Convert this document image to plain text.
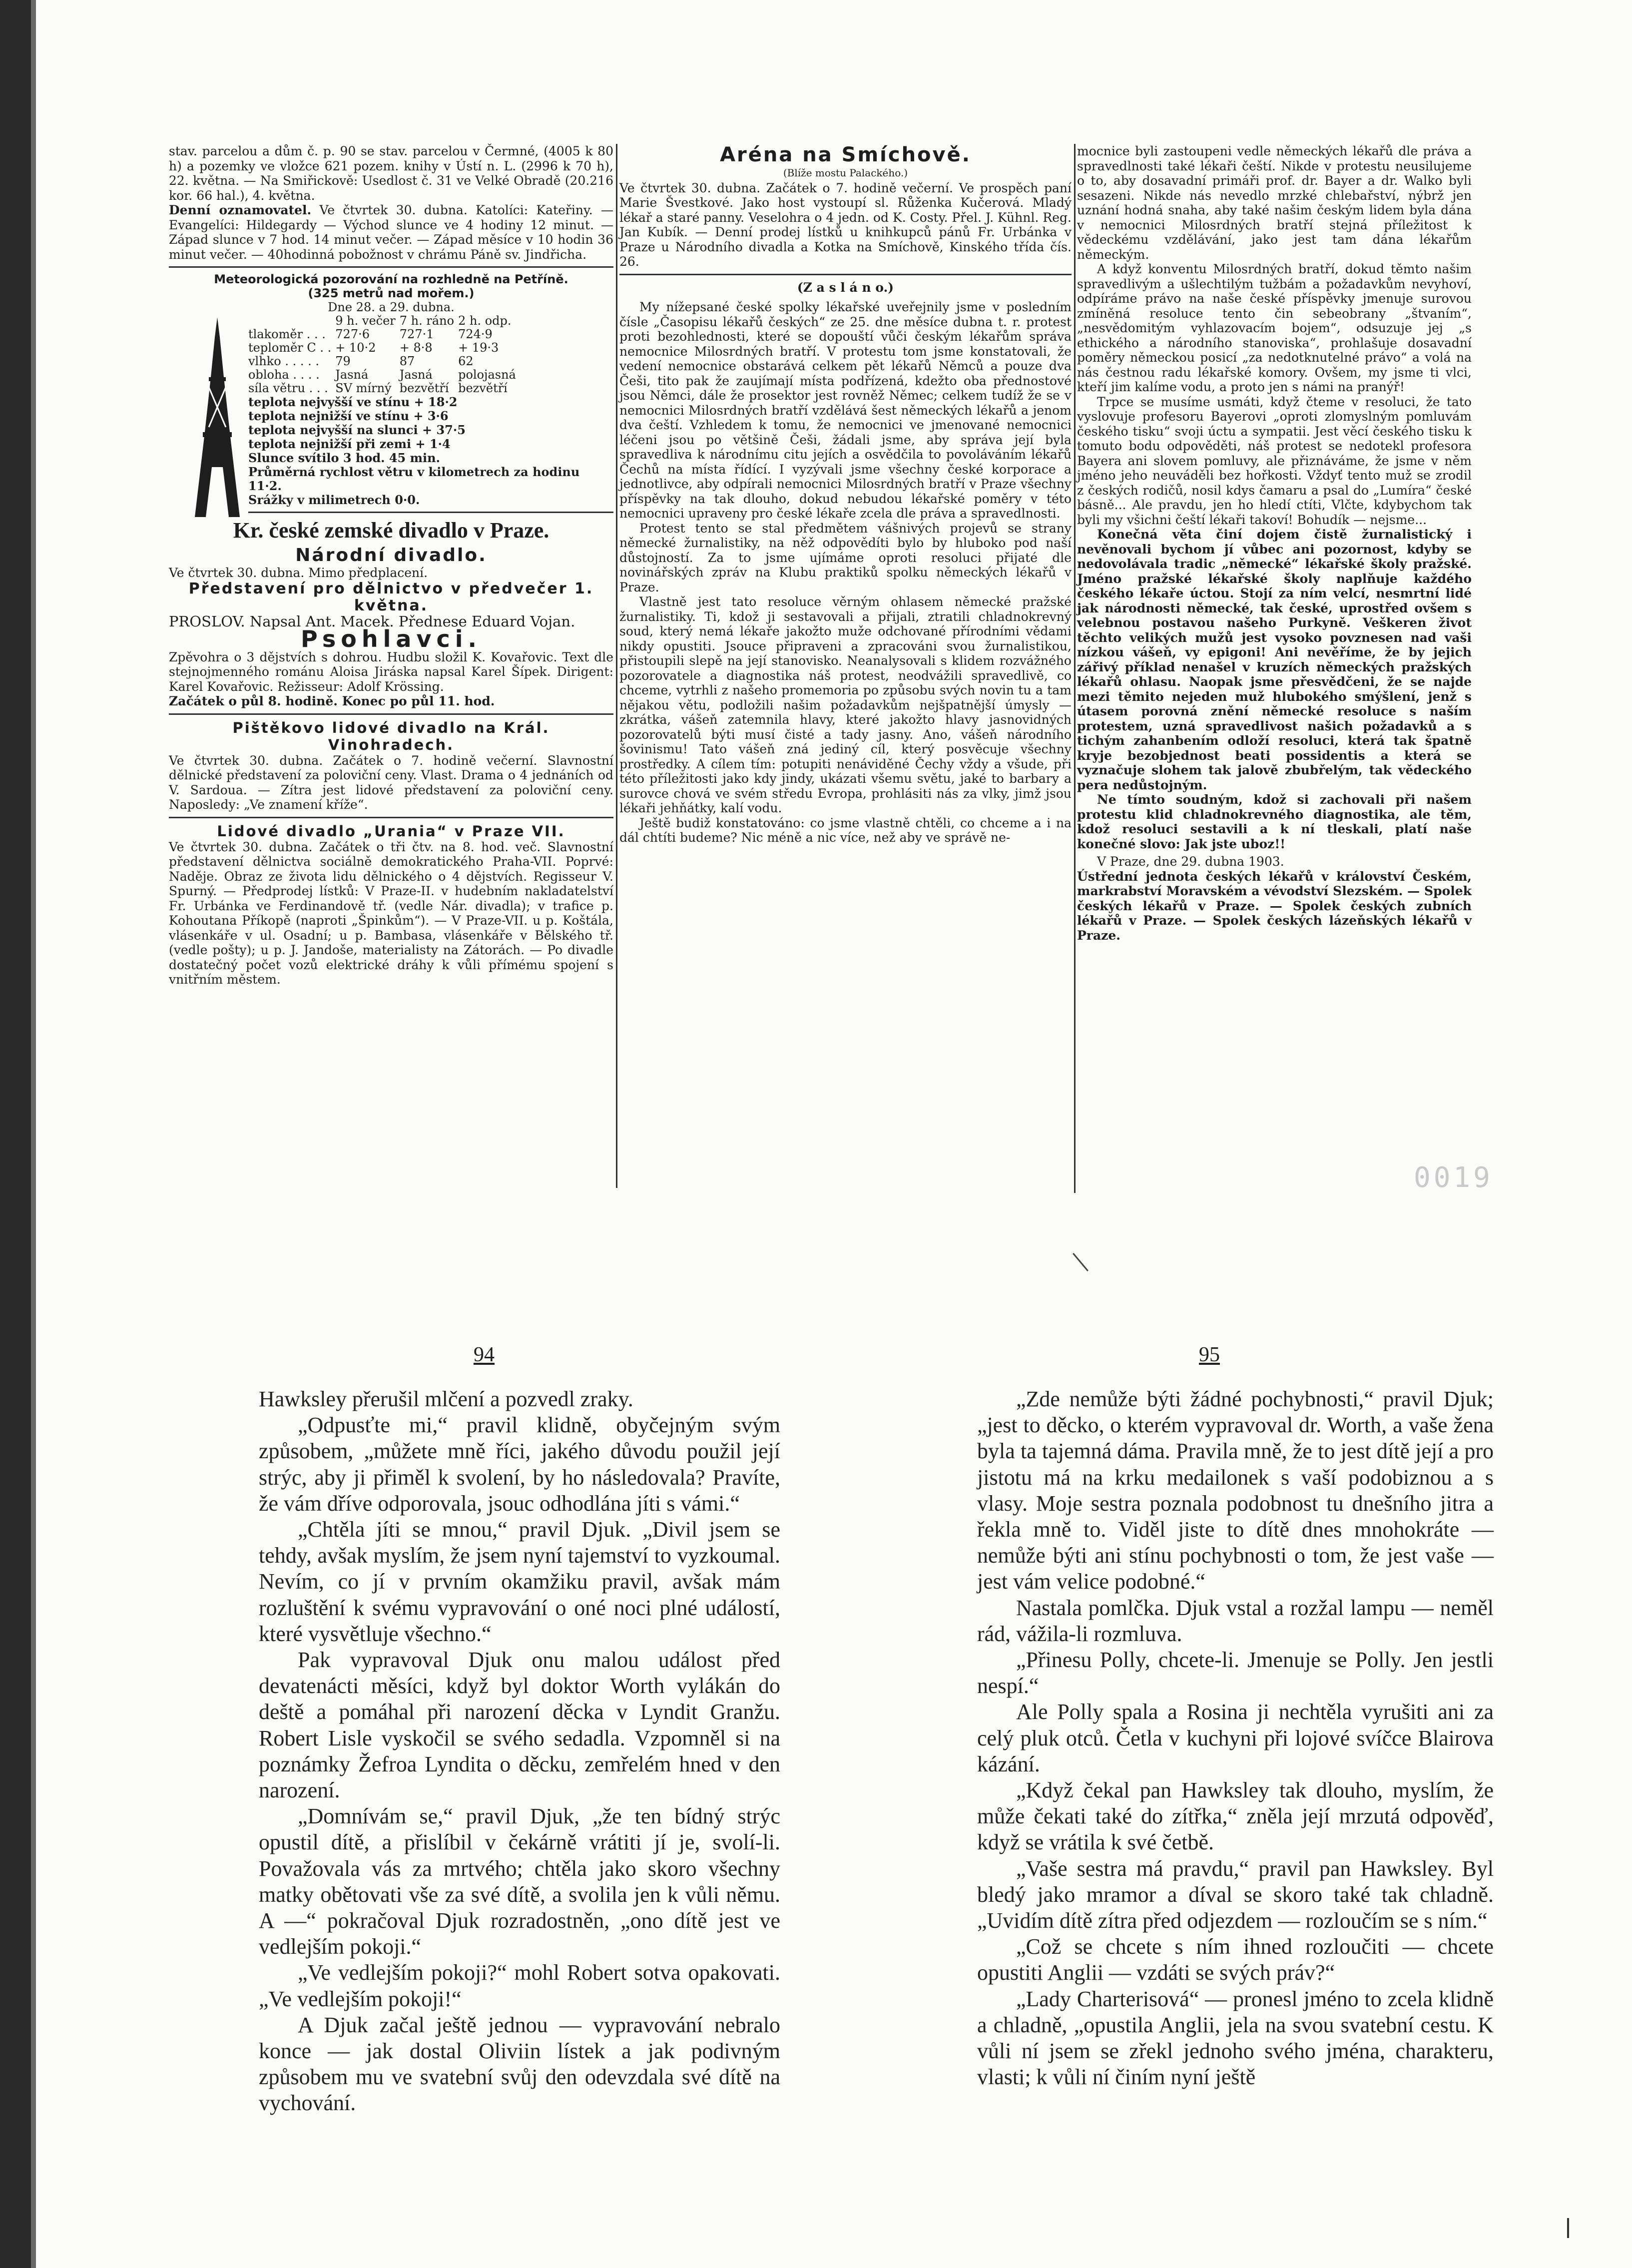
0019

stav. parcelou a dům č. p. 90 se stav. parcelou v Čermné, (4005 k 80 h) a pozemky ve vložce 621 pozem. knihy v Ústí n. L. (2996 k 70 h), 22. května. — Na Smiřickově: Usedlost č. 31 ve Velké Obradě (20.216 kor. 66 hal.), 4. května.

Denní oznamovatel. Ve čtvrtek 30. dubna. Katolíci: Kateřiny. — Evangelíci: Hildegardy — Východ slunce ve 4 hodiny 12 minut. — Západ slunce v 7 hod. 14 minut večer. — Západ měsíce v 10 hodin 36 minut večer. — 40hodinná pobožnost v chrámu Páně sv. Jindřicha.

Meteorologická pozorování na rozhledně na Petříně.

(325 metrů nad mořem.)

Dne 28. a 29. dubna.

	9 h. večer	7 h. ráno	2 h. odp.
tlakoměr . . .	727·6	727·1	724·9
teploměr C . .	+ 10·2	+ 8·8	+ 19·3
vlhko . . . . .	79	87	62
obloha . . . .	Jasná	Jasná	polojasná
síla větru . . .	SV mírný	bezvětří	bezvětří
teplota nejvyšší ve stínu + 18·2
teplota nejnižší ve stínu + 3·6
teplota nejvyšší na slunci + 37·5
teplota nejnižší při zemi + 1·4
Slunce svítilo 3 hod. 45 min.
Průměrná rychlost větru v kilometrech za hodinu 11·2.
Srážky v milimetrech 0·0.
Kr. české zemské divadlo v Praze.

Národní divadlo.

Ve čtvrtek 30. dubna. Mimo předplacení.

Představení pro dělnictvo v předvečer 1. května.

PROSLOV. Napsal Ant. Macek. Přednese Eduard Vojan.

Psohlavci.

Zpěvohra o 3 dějstvích s dohrou. Hudbu složil K. Kovařovic. Text dle stejnojmenného románu Aloisa Jiráska napsal Karel Šípek. Dirigent: Karel Kovařovic. Režisseur: Adolf Krössing.

Začátek o půl 8. hodině. Konec po půl 11. hod.

Pištěkovo lidové divadlo na Král. Vinohradech.

Ve čtvrtek 30. dubna. Začátek o 7. hodině večerní. Slavnostní dělnické představení za poloviční ceny. Vlast. Drama o 4 jednáních od V. Sardoua. — Zítra jest lidové představení za poloviční ceny. Naposledy: „Ve znamení kříže“.

Lidové divadlo „Urania“ v Praze VII.

Ve čtvrtek 30. dubna. Začátek o tři čtv. na 8. hod. več. Slavnostní představení dělnictva sociálně demokratického Praha-VII. Poprvé: Naděje. Obraz ze života lidu dělnického o 4 dějstvích. Regisseur V. Spurný. — Předprodej lístků: V Praze-II. v hudebním nakladatelství Fr. Urbánka ve Ferdinandově tř. (vedle Nár. divadla); v trafice p. Kohoutana Příkopě (naproti „Špinkům“). — V Praze-VII. u p. Koštála, vlásenkáře v ul. Osadní; u p. Bambasa, vlásenkáře v Bělského tř. (vedle pošty); u p. J. Jandoše, materialisty na Zátorách. — Po divadle dostatečný počet vozů elektrické dráhy k vůli přímému spojení s vnitřním městem.

Aréna na Smíchově.

(Blíže mostu Palackého.)

Ve čtvrtek 30. dubna. Začátek o 7. hodině večerní. Ve prospěch paní Marie Švestkové. Jako host vystoupí sl. Růženka Kučerová. Mladý lékař a staré panny. Veselohra o 4 jedn. od K. Costy. Přel. J. Kühnl. Reg. Jan Kubík. — Denní prodej lístků u knihkupců pánů Fr. Urbánka v Praze u Národního divadla a Kotka na Smíchově, Kinského třída čís. 26.

(Z a s l á n o.)

My nížepsané české spolky lékařské uveřejnily jsme v posledním čísle „Časopisu lékařů českých“ ze 25. dne měsíce dubna t. r. protest proti bezohlednosti, které se dopouští vůči českým lékařům správa nemocnice Milosrdných bratří. V protestu tom jsme konstatovali, že vedení nemocnice obstarává celkem pět lékařů Němců a pouze dva Češi, tito pak že zaujímají místa podřízená, kdežto oba přednostové jsou Němci, dále že prosektor jest rovněž Němec; celkem tudíž že se v nemocnici Milosrdných bratří vzdělává šest německých lékařů a jenom dva čeští. Vzhledem k tomu, že nemocnici ve jmenované nemocnici léčeni jsou po většině Češi, žádali jsme, aby správa její byla spravedliva k národnímu citu jejích a osvědčila to povoláváním lékařů Čechů na místa řídící. I vyzývali jsme všechny české korporace a jednotlivce, aby odpírali nemocnici Milosrdných bratří v Praze všechny příspěvky na tak dlouho, dokud nebudou lékařské poměry v této nemocnici upraveny pro české lékaře zcela dle práva a spravedlnosti.

Protest tento se stal předmětem vášnivých projevů se strany německé žurnalistiky, na něž odpovědíti bylo by hluboko pod naší důstojností. Za to jsme ujímáme oproti resoluci přijaté dle novinářských zpráv na Klubu praktiků spolku německých lékařů v Praze.

Vlastně jest tato resoluce věrným ohlasem německé pražské žurnalistiky. Ti, kdož ji sestavovali a přijali, ztratili chladnokrevný soud, který nemá lékaře jakožto muže odchované přírodními vědami nikdy opustiti. Jsouce připraveni a zpracováni svou žurnalistikou, přistoupili slepě na její stanovisko. Neanalysovali s klidem rozvážného pozorovatele a diagnostika náš protest, neodvážili spravedlivě, co chceme, vytrhli z našeho promemoria po způsobu svých novin tu a tam nějakou větu, podložili našim požadavkům nejšpatnější úmysly — zkrátka, vášeň zatemnila hlavy, které jakožto hlavy jasnovidných pozorovatelů býti musí čisté a tady jasny. Ano, vášeň národního šovinismu! Tato vášeň zná jediný cíl, který posvěcuje všechny prostředky. A cílem tím: potupiti nenáviděné Čechy vždy a všude, při této příležitosti jako kdy jindy, ukázati všemu světu, jaké to barbary a surovce chová ve svém středu Evropa, prohlásiti nás za vlky, jimž jsou lékaři jehňátky, kalí vodu.

Ještě budiž konstatováno: co jsme vlastně chtěli, co chceme a i na dál chtíti budeme? Nic méně a nic více, než aby ve správě ne-

mocnice byli zastoupeni vedle německých lékařů dle práva a spravedlnosti také lékaři čeští. Nikde v protestu neusilujeme o to, aby dosavadní primáři prof. dr. Bayer a dr. Walko byli sesazeni. Nikde nás nevedlo mrzké chlebařství, nýbrž jen uznání hodná snaha, aby také našim českým lidem byla dána v nemocnici Milosrdných bratří stejná příležitost k vědeckému vzdělávání, jako jest tam dána lékařům německým.

A když konventu Milosrdných bratří, dokud těmto našim spravedlivým a ušlechtilým tužbám a požadavkům nevyhoví, odpíráme právo na naše české příspěvky jmenuje surovou zmíněná resoluce tento čin sebeobrany „štvaním“, „nesvědomitým vyhlazovacím bojem“, odsuzuje jej „s ethického a národního stanoviska“, prohlašuje dosavadní poměry německou posicí „za nedotknutelné právo“ a volá na nás čestnou radu lékařské komory. Ovšem, my jsme ti vlci, kteří jim kalíme vodu, a proto jen s námi na pranýř!

Trpce se musíme usmáti, když čteme v resoluci, že tato vyslovuje profesoru Bayerovi „oproti zlomyslným pomluvám českého tisku“ svoji úctu a sympatii. Jest věcí českého tisku k tomuto bodu odpověděti, náš protest se nedotekl profesora Bayera ani slovem pomluvy, ale přiznáváme, že jsme v něm jméno jeho neuváděli bez hořkosti. Vždyť tento muž se zrodil z českých rodičů, nosil kdys čamaru a psal do „Lumíra“ české básně... Ale pravdu, jen ho hledí ctíti, Vlčte, kdybychom tak byli my všichni čeští lékaři takoví! Bohudík — nejsme...

Konečná věta činí dojem čistě žurnalistický i nevěnovali bychom jí vůbec ani pozornost, kdyby se nedovolávala tradic „německé“ lékařské školy pražské. Jméno pražské lékařské školy naplňuje každého českého lékaře úctou. Stojí za ním velcí, nesmrtní lidé jak národnosti německé, tak české, uprostřed ovšem s velebnou postavou našeho Purkyně. Veškeren život těchto velikých mužů jest vysoko povznesen nad vaši nízkou vášeň, vy epigoni! Ani nevěříme, že by jejich zářivý příklad nenašel v kruzích německých pražských lékařů ohlasu. Naopak jsme přesvědčeni, že se najde mezi těmito nejeden muž hlubokého smýšlení, jenž s útasem porovná znění německé resoluce s naším protestem, uzná spravedlivost našich požadavků a s tichým zahanbením odloží resoluci, která tak špatně kryje bezobjednost beati possidentis a která se vyznačuje slohem tak jalově zbubřelým, tak vědeckého pera nedůstojným.

Ne tímto soudným, kdož si zachovali při našem protestu klid chladnokrevného diagnostika, ale těm, kdož resoluci sestavili a k ní tleskali, platí naše konečné slovo: Jak jste uboz!!

V Praze, dne 29. dubna 1903.

Ústřední jednota českých lékařů v království Českém, markrabství Moravském a vévodství Slezském. — Spolek českých lékařů v Praze. — Spolek českých zubních lékařů v Praze. — Spolek českých lázeňských lékařů v Praze.

94	95

Hawksley přerušil mlčení a pozvedl zraky.

„Odpusťte mi,“ pravil klidně, obyčejným svým způsobem, „můžete mně říci, jakého důvodu použil její strýc, aby ji přiměl k svolení, by ho následovala? Pravíte, že vám dříve odporovala, jsouc odhodlána jíti s vámi.“

„Chtěla jíti se mnou,“ pravil Djuk. „Divil jsem se tehdy, avšak myslím, že jsem nyní tajemství to vyzkoumal. Nevím, co jí v prvním okamžiku pravil, avšak mám rozluštění k svému vypravování o oné noci plné událostí, které vysvětluje všechno.“

Pak vypravoval Djuk onu malou událost před devatenácti měsíci, když byl doktor Worth vylákán do deště a pomáhal při narození děcka v Lyndit Granžu. Robert Lisle vyskočil se svého sedadla. Vzpomněl si na poznámky Žefroa Lyndita o děcku, zemřelém hned v den narození.

„Domnívám se,“ pravil Djuk, „že ten bídný strýc opustil dítě, a přislíbil v čekárně vrátiti jí je, svolí-li. Považovala vás za mrtvého; chtěla jako skoro všechny matky obětovati vše za své dítě, a svolila jen k vůli němu. A —“ pokračoval Djuk rozradostněn, „ono dítě jest ve vedlejším pokoji.“

„Ve vedlejším pokoji?“ mohl Robert sotva opakovati. „Ve vedlejším pokoji!“

A Djuk začal ještě jednou — vypravování nebralo konce — jak dostal Oliviin lístek a jak podivným způsobem mu ve svatební svůj den odevzdala své dítě na vychování.

„Zde nemůže býti žádné pochybnosti,“ pravil Djuk; „jest to děcko, o kterém vypravoval dr. Worth, a vaše žena byla ta tajemná dáma. Pravila mně, že to jest dítě její a pro jistotu má na krku medailonek s vaší podobiznou a s vlasy. Moje sestra poznala podobnost tu dnešního jitra a řekla mně to. Viděl jiste to dítě dnes mnohokráte — nemůže býti ani stínu pochybnosti o tom, že jest vaše — jest vám velice podobné.“

Nastala pomlčka. Djuk vstal a rozžal lampu — neměl rád, vážila-li rozmluva.

„Přinesu Polly, chcete-li. Jmenuje se Polly. Jen jestli nespí.“

Ale Polly spala a Rosina ji nechtěla vyrušiti ani za celý pluk otců. Četla v kuchyni při lojové svíčce Blairova kázání.

„Když čekal pan Hawksley tak dlouho, myslím, že může čekati také do zítřka,“ zněla její mrzutá odpověď, když se vrátila k své četbě.

„Vaše sestra má pravdu,“ pravil pan Hawksley. Byl bledý jako mramor a díval se skoro také tak chladně. „Uvidím dítě zítra před odjezdem — rozloučím se s ním.“

„Což se chcete s ním ihned rozloučiti — chcete opustiti Anglii — vzdáti se svých práv?“

„Lady Charterisová“ — pronesl jméno to zcela klidně a chladně, „opustila Anglii, jela na svou svatební cestu. K vůli ní jsem se zřekl jednoho svého jména, charakteru, vlasti; k vůli ní činím nyní ještě
